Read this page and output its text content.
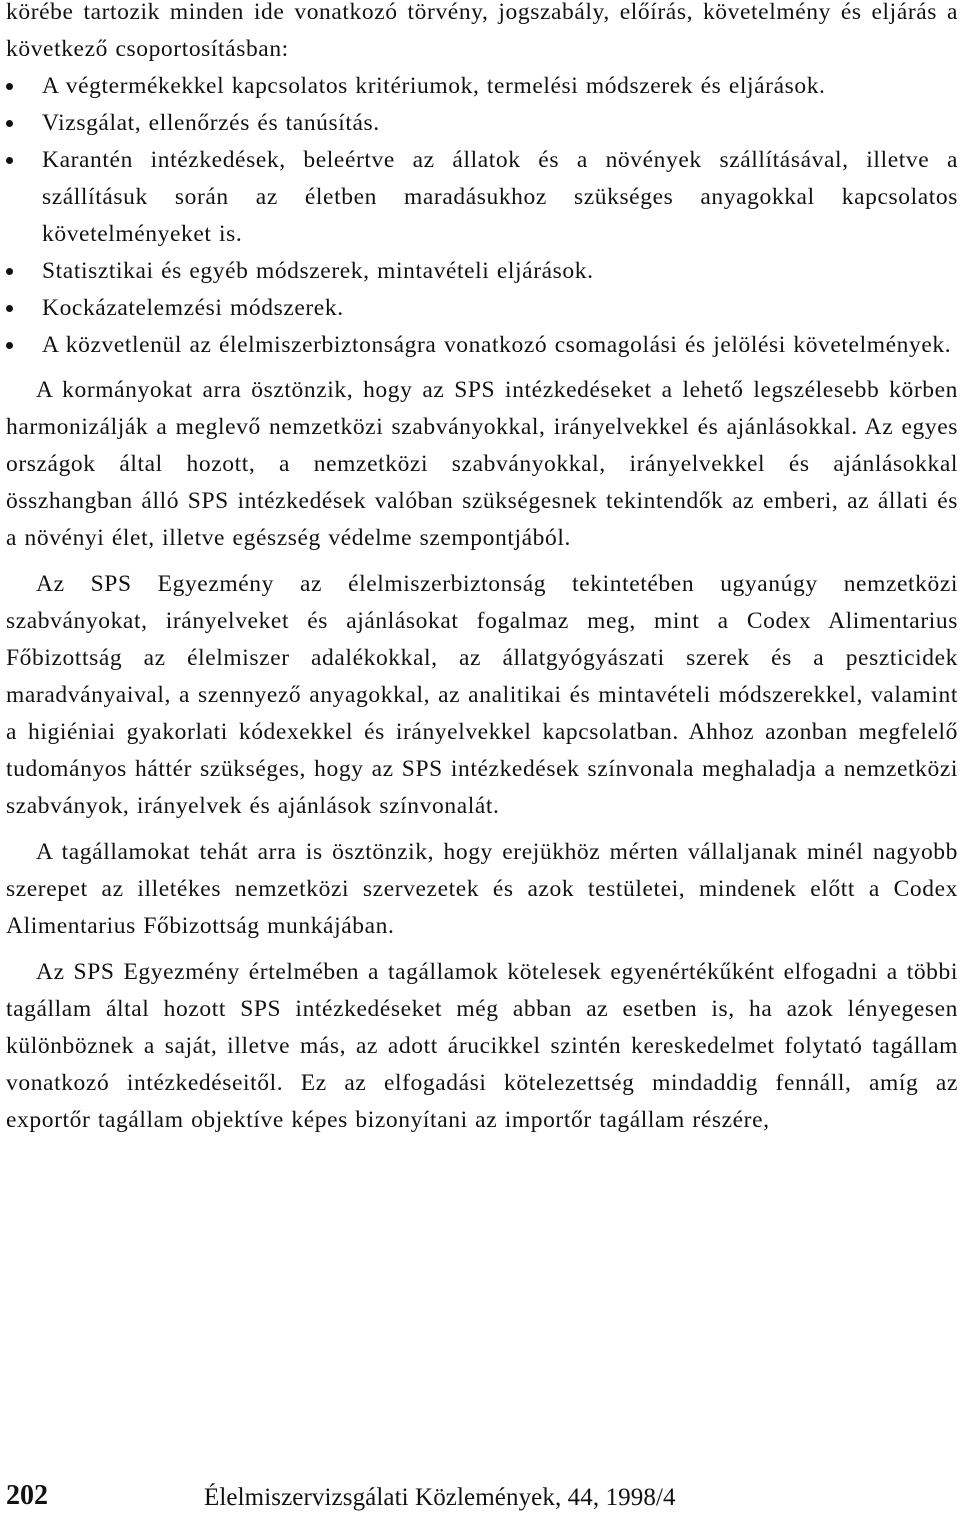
körébe tartozik minden ide vonatkozó törvény, jogszabály, előírás, követelmény és eljárás a következő csoportosításban:

A végtermékekkel kapcsolatos kritériumok, termelési módszerek és eljárások.
Vizsgálat, ellenőrzés és tanúsítás.
Karantén intézkedések, beleértve az állatok és a növények szállításával, illetve a szállításuk során az életben maradásukhoz szükséges anyagokkal kapcsolatos követelményeket is.
Statisztikai és egyéb módszerek, mintavételi eljárások.
Kockázatelemzési módszerek.
A közvetlenül az élelmiszerbiztonságra vonatkozó csomagolási és jelölési követelmények.

A kormányokat arra ösztönzik, hogy az SPS intézkedéseket a lehető legszélesebb körben harmonizálják a meglevő nemzetközi szabványokkal, irányelvekkel és ajánlásokkal. Az egyes országok által hozott, a nemzetközi szabványokkal, irányelvekkel és ajánlásokkal összhangban álló SPS intézkedések valóban szükségesnek tekintendők az emberi, az állati és a növényi élet, illetve egészség védelme szempontjából.

Az SPS Egyezmény az élelmiszerbiztonság tekintetében ugyanúgy nemzetközi szabványokat, irányelveket és ajánlásokat fogalmaz meg, mint a Codex Alimentarius Főbizottság az élelmiszer adalékokkal, az állatgyógyászati szerek és a peszticidek maradványaival, a szennyező anyagokkal, az analitikai és mintavételi módszerekkel, valamint a higiéniai gyakorlati kódexekkel és irányelvekkel kapcsolatban. Ahhoz azonban megfelelő tudományos háttér szükséges, hogy az SPS intézkedések színvonala meghaladja a nemzetközi szabványok, irányelvek és ajánlások színvonalát.

A tagállamokat tehát arra is ösztönzik, hogy erejükhöz mérten vállaljanak minél nagyobb szerepet az illetékes nemzetközi szervezetek és azok testületei, mindenek előtt a Codex Alimentarius Főbizottság munkájában.

Az SPS Egyezmény értelmében a tagállamok kötelesek egyenértékűként elfogadni a többi tagállam által hozott SPS intézkedéseket még abban az esetben is, ha azok lényegesen különböznek a saját, illetve más, az adott árucikkel szintén kereskedelmet folytató tagállam vonatkozó intézkedéseitől. Ez az elfogadási kötelezettség mindaddig fennáll, amíg az exportőr tagállam objektíve képes bizonyítani az importőr tagállam részére,

202	Élelmiszervizsgálati Közlemények, 44, 1998/4
